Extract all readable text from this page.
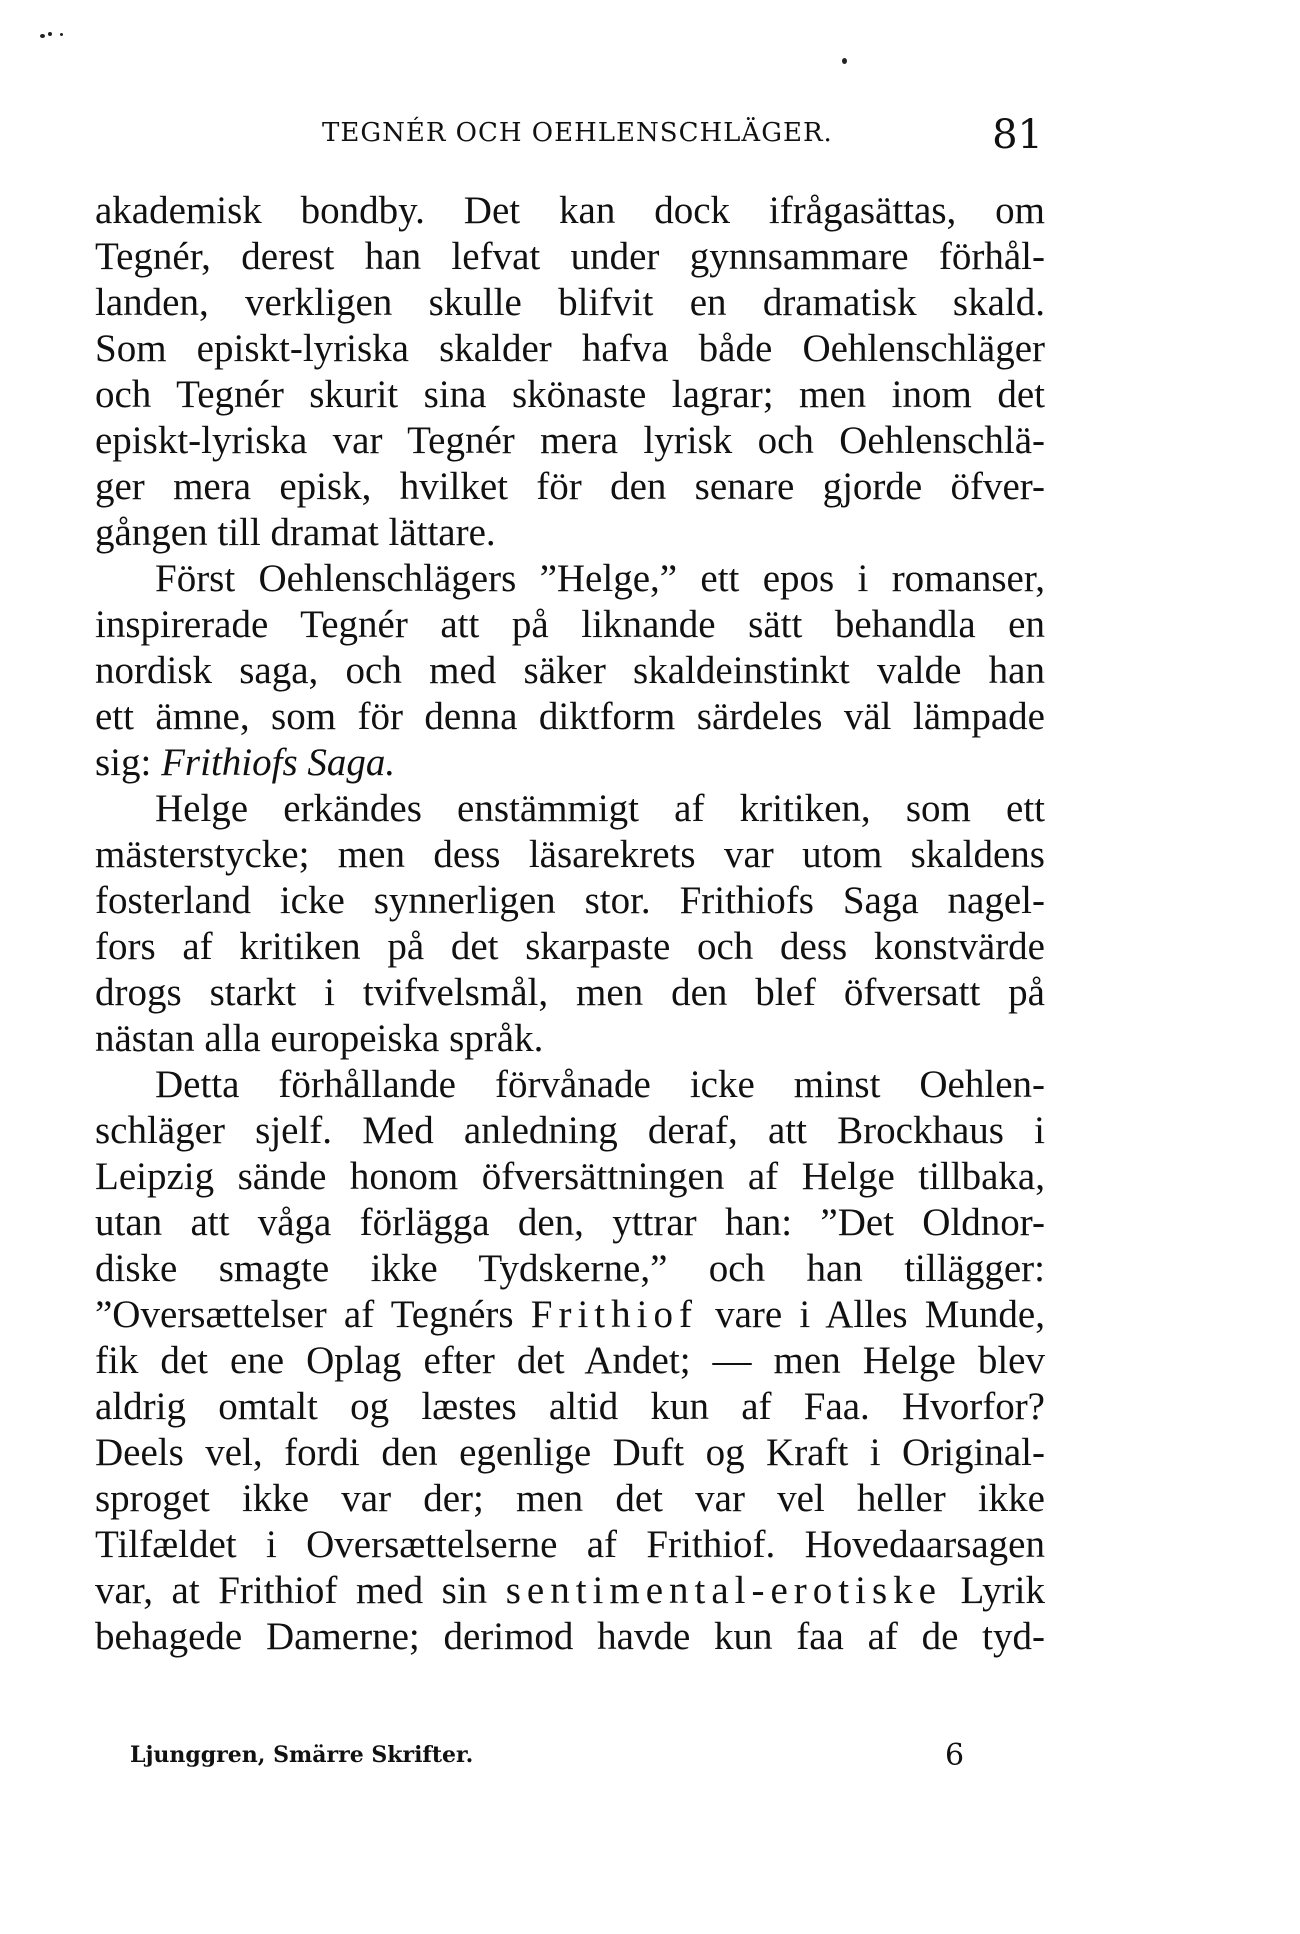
TEGNÉR OCH OEHLENSCHLÄGER.	81
akademisk bondby. Det kan dock ifrågasättas, om
Tegnér, derest han lefvat under gynnsammare förhål-
landen, verkligen skulle blifvit en dramatisk skald.
Som episkt-lyriska skalder hafva både Oehlenschläger
och Tegnér skurit sina skönaste lagrar; men inom det
episkt-lyriska var Tegnér mera lyrisk och Oehlenschlä-
ger mera episk, hvilket för den senare gjorde öfver-
gången till dramat lättare.
Först Oehlenschlägers ”Helge,” ett epos i romanser,
inspirerade Tegnér att på liknande sätt behandla en
nordisk saga, och med säker skaldeinstinkt valde han
ett ämne, som för denna diktform särdeles väl lämpade
sig: Frithiofs Saga.
Helge erkändes enstämmigt af kritiken, som ett
mästerstycke; men dess läsarekrets var utom skaldens
fosterland icke synnerligen stor. Frithiofs Saga nagel-
fors af kritiken på det skarpaste och dess konstvärde
drogs starkt i tvifvelsmål, men den blef öfversatt på
nästan alla europeiska språk.
Detta förhållande förvånade icke minst Oehlen-
schläger sjelf. Med anledning deraf, att Brockhaus i
Leipzig sände honom öfversättningen af Helge tillbaka,
utan att våga förlägga den, yttrar han: ”Det Oldnor-
diske smagte ikke Tydskerne,” och han tillägger:
”Oversættelser af Tegnérs Frithiof vare i Alles Munde,
fik det ene Oplag efter det Andet; — men Helge blev
aldrig omtalt og læstes altid kun af Faa. Hvorfor?
Deels vel, fordi den egenlige Duft og Kraft i Original-
sproget ikke var der; men det var vel heller ikke
Tilfældet i Oversættelserne af Frithiof. Hovedaarsagen
var, at Frithiof med sin sentimental-erotiske Lyrik
behagede Damerne; derimod havde kun faa af de tyd-
Ljunggren, Smärre Skrifter.	6
